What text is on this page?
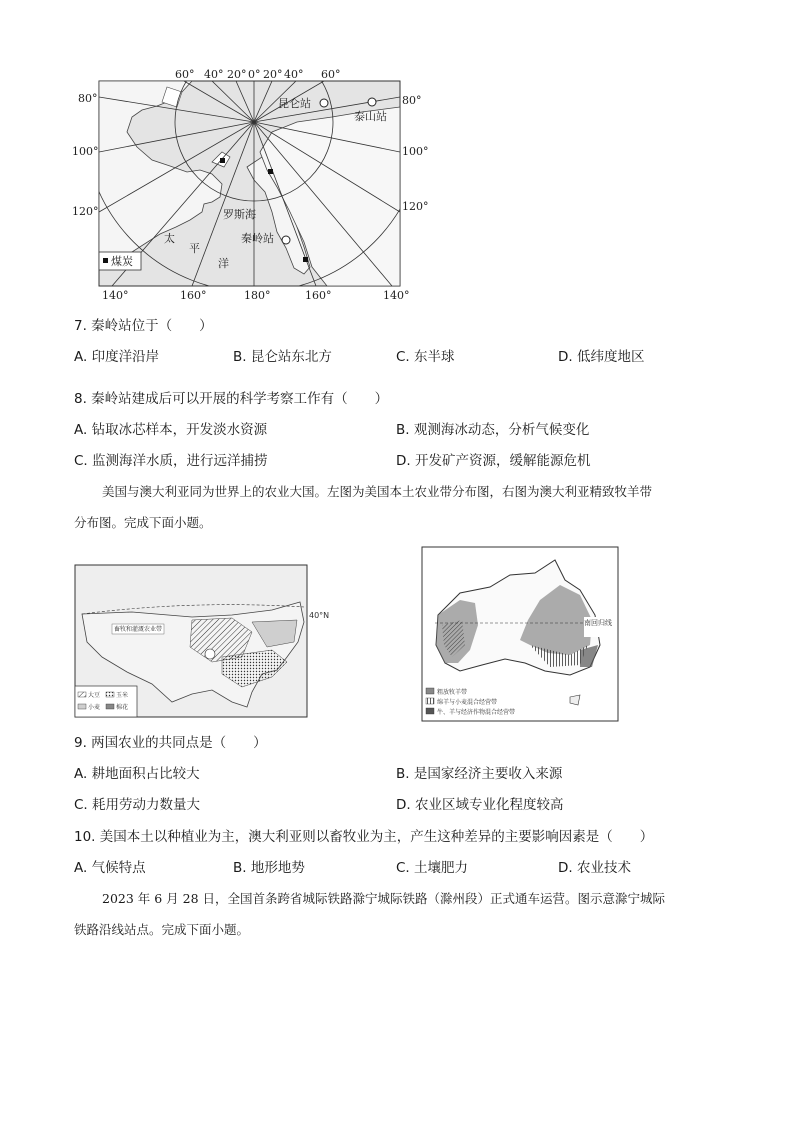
60° 40° 20° 0° 20° 40° 60°
140°	160°	180°	160°	140°
80°
100°
120°
80°
100°
120°
昆仑站
泰山站
秦岭站
罗斯海
太
平
洋
煤炭
7. 秦岭站位于（　　）
A. 印度洋沿岸	B. 昆仑站东北方	C. 东半球	D. 低纬度地区
8. 秦岭站建成后可以开展的科学考察工作有（　　）
A. 钻取冰芯样本，开发淡水资源	B. 观测海冰动态，分析气候变化
C. 监测海洋水质，进行远洋捕捞	D. 开发矿产资源，缓解能源危机
美国与澳大利亚同为世界上的农业大国。左图为美国本土农业带分布图，右图为澳大利亚精致牧羊带
分布图。完成下面小题。
40°N
畜牧和灌溉农业带
大豆	玉米
小麦	棉花
南回归线
粗放牧羊带
绵羊与小麦混合经营带
牛、羊与经济作物混合经营带
9. 两国农业的共同点是（　　）
A. 耕地面积占比较大	B. 是国家经济主要收入来源
C. 耗用劳动力数量大	D. 农业区域专业化程度较高
10. 美国本土以种植业为主，澳大利亚则以畜牧业为主，产生这种差异的主要影响因素是（　　）
A. 气候特点	B. 地形地势	C. 土壤肥力	D. 农业技术
2023 年 6 月 28 日，全国首条跨省城际铁路滁宁城际铁路（滁州段）正式通车运营。图示意滁宁城际
铁路沿线站点。完成下面小题。
